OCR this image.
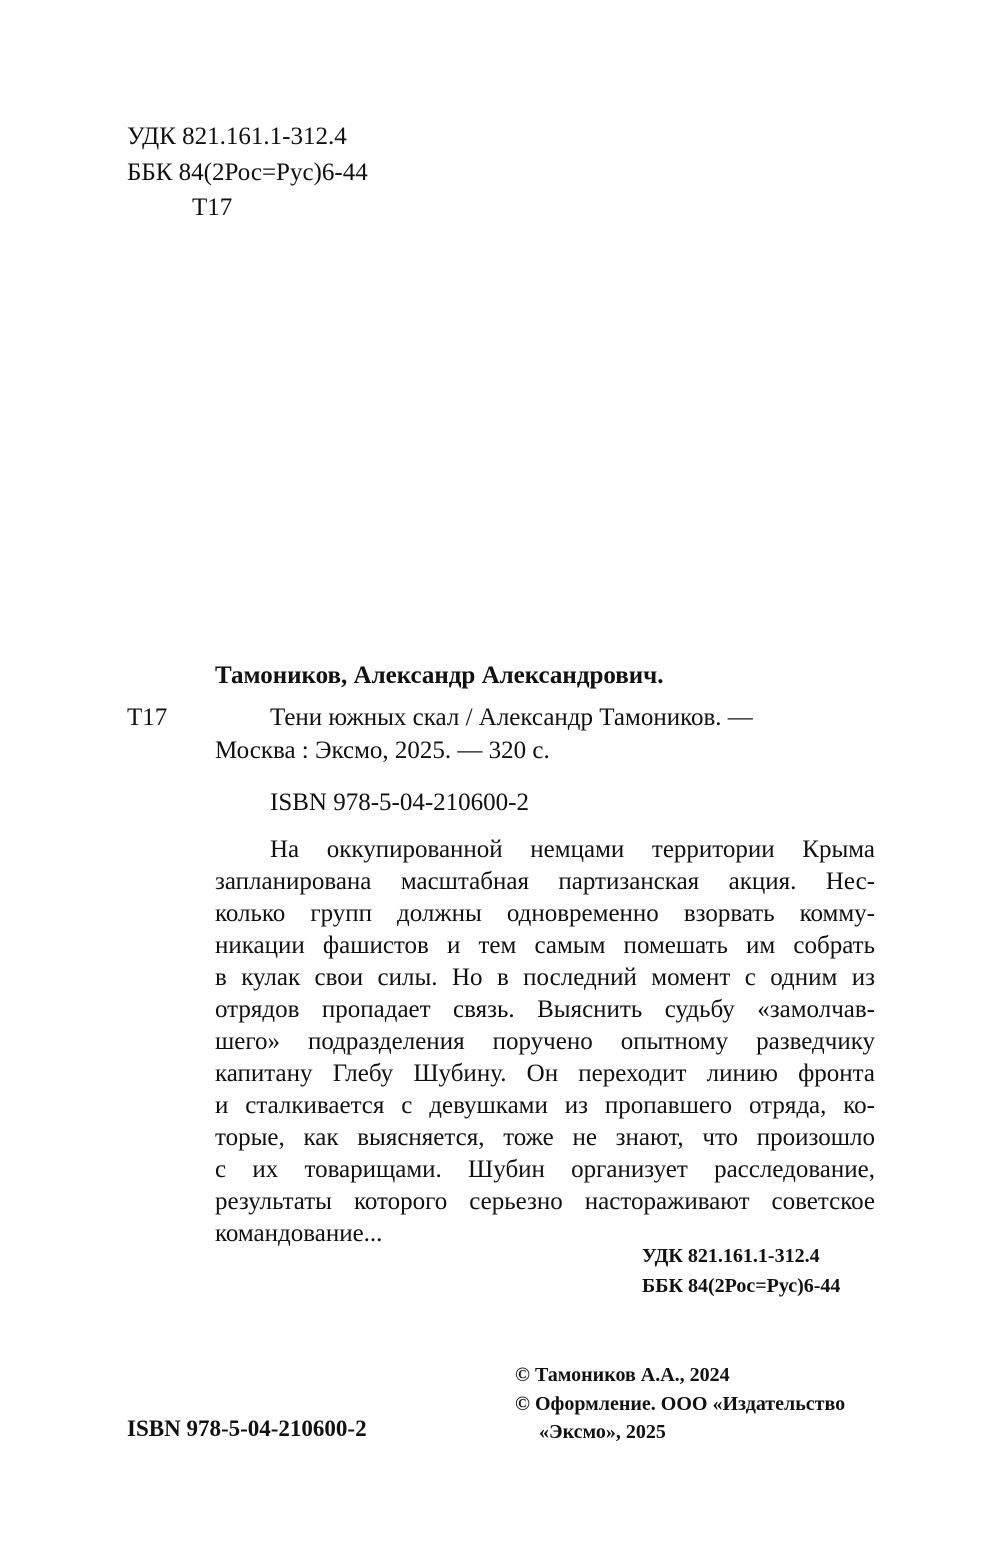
УДК 821.161.1-312.4
ББК 84(2Рос=Рус)6-44
Т17
Тамоников, Александр Александрович.
Т17	Тени южных скал / Александр Тамоников. —
Москва : Эксмо, 2025. — 320 с.
ISBN 978-5-04-210600-2
На оккупированной немцами территории Крыма
запланирована масштабная партизанская акция. Нес-
колько групп должны одновременно взорвать комму-
никации фашистов и тем самым помешать им собрать
в кулак свои силы. Но в последний момент с одним из
отрядов пропадает связь. Выяснить судьбу «замолчав-
шего» подразделения поручено опытному разведчику
капитану Глебу Шубину. Он переходит линию фронта
и сталкивается с девушками из пропавшего отряда, ко-
торые, как выясняется, тоже не знают, что произошло
с их товарищами. Шубин организует расследование,
результаты которого серьезно настораживают советское
командование...
УДК 821.161.1-312.4
ББК 84(2Рос=Рус)6-44
© Тамоников А.А., 2024
© Оформление. ООО «Издательство
«Эксмо», 2025
ISBN 978-5-04-210600-2
